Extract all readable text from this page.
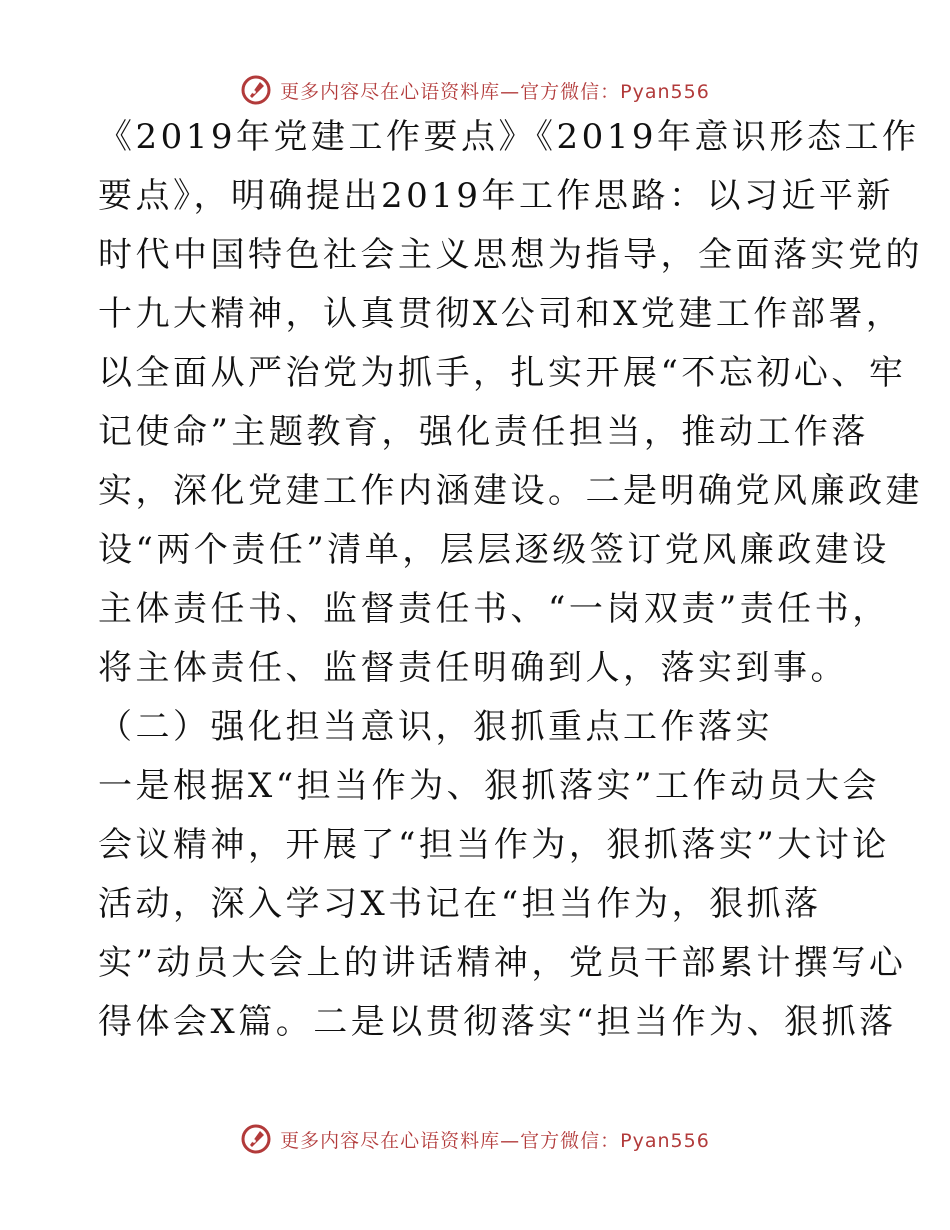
更多内容尽在心语资料库—官方微信：Pyan556
《2019年党建工作要点》《2019年意识形态工作
要点》，明确提出2019年工作思路：以习近平新
时代中国特色社会主义思想为指导，全面落实党的
十九大精神，认真贯彻X公司和X党建工作部署，
以全面从严治党为抓手，扎实开展“不忘初心、牢
记使命”主题教育，强化责任担当，推动工作落
实，深化党建工作内涵建设。二是明确党风廉政建
设“两个责任”清单，层层逐级签订党风廉政建设
主体责任书、监督责任书、“一岗双责”责任书，
将主体责任、监督责任明确到人，落实到事。
（二）强化担当意识，狠抓重点工作落实
一是根据X“担当作为、狠抓落实”工作动员大会
会议精神，开展了“担当作为，狠抓落实”大讨论
活动，深入学习X书记在“担当作为，狠抓落
实”动员大会上的讲话精神，党员干部累计撰写心
得体会X篇。二是以贯彻落实“担当作为、狠抓落
更多内容尽在心语资料库—官方微信：Pyan556
